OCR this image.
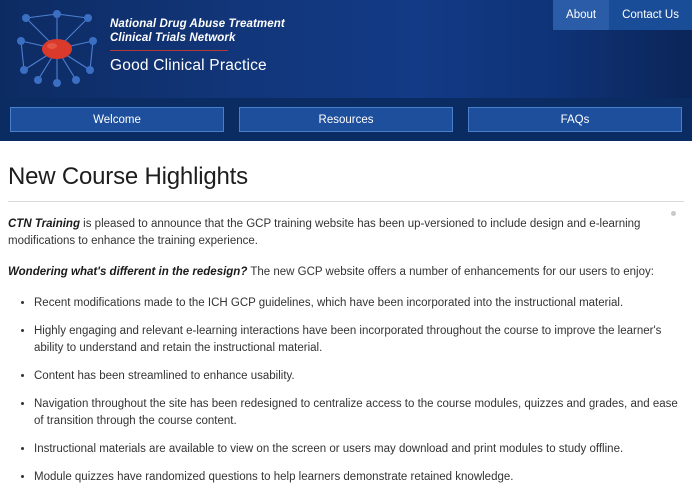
National Drug Abuse Treatment
Clinical Trials Network
Good Clinical Practice
About	Contact Us
Welcome	Resources	FAQs
New Course Highlights

CTN Training is pleased to announce that the GCP training website has been up-versioned to include design and e-learning modifications to enhance the training experience.

Wondering what's different in the redesign? The new GCP website offers a number of enhancements for our users to enjoy:

• Recent modifications made to the ICH GCP guidelines, which have been incorporated into the instructional material.
• Highly engaging and relevant e-learning interactions have been incorporated throughout the course to improve the learner's ability to understand and retain the instructional material.
• Content has been streamlined to enhance usability.
• Navigation throughout the site has been redesigned to centralize access to the course modules, quizzes and grades, and ease of transition through the course content.
• Instructional materials are available to view on the screen or users may download and print modules to study offline.
• Module quizzes have randomized questions to help learners demonstrate retained knowledge.
